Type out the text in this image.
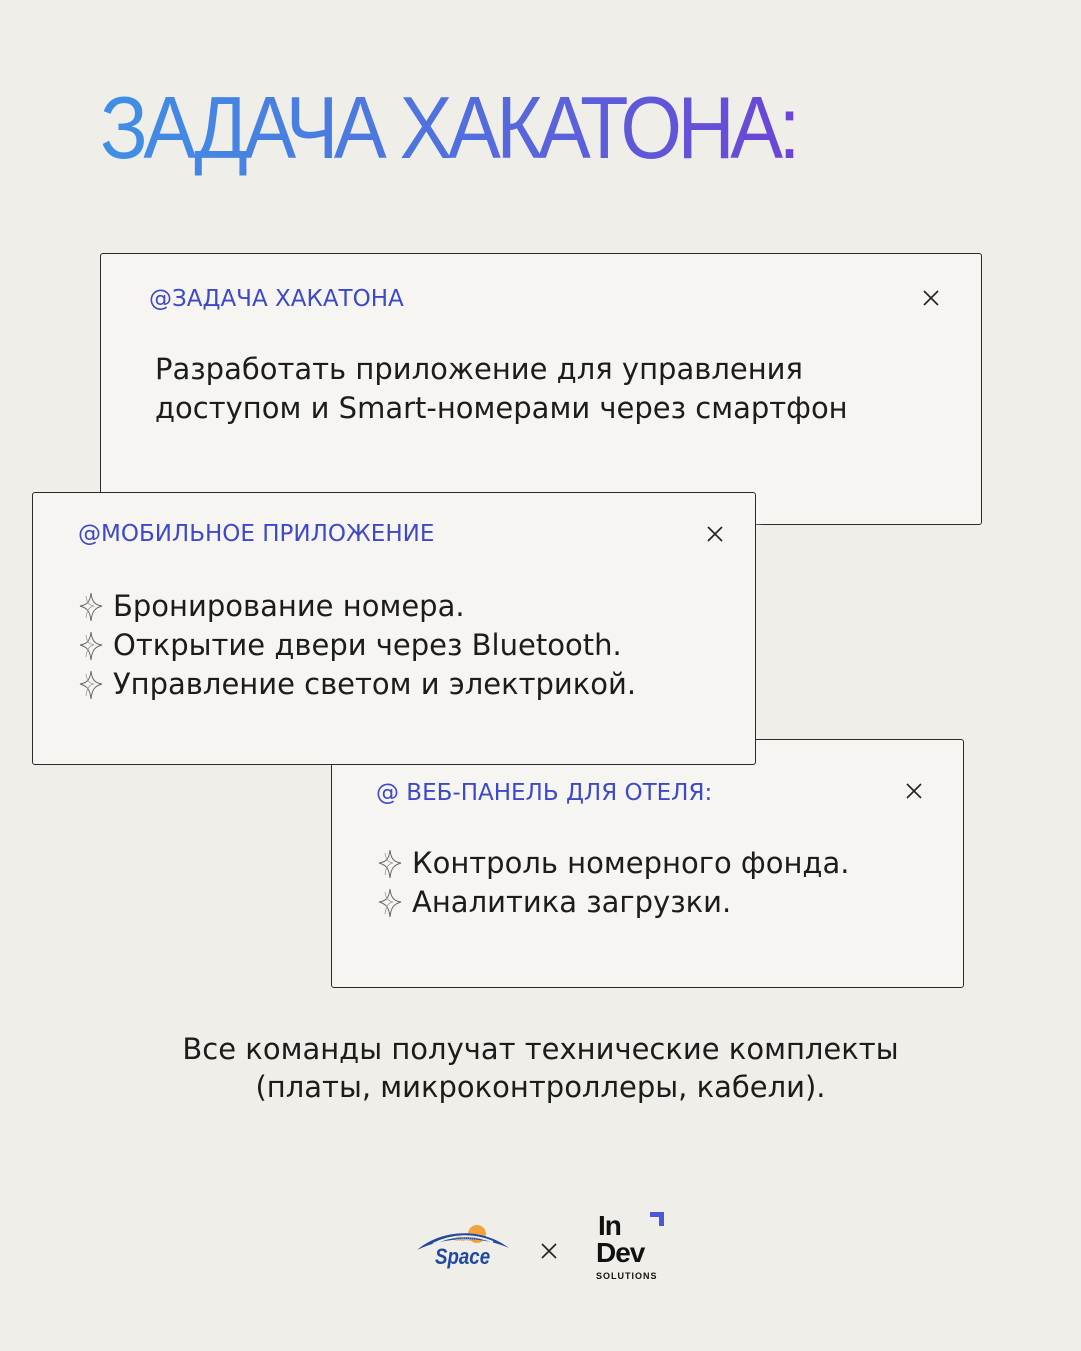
ЗАДАЧА ХАКАТОНА:
@ЗАДАЧА ХАКАТОНА
Разработать приложение для управления
доступом и Smart-номерами через смартфон
@МОБИЛЬНОЕ ПРИЛОЖЕНИЕ
Бронирование номера.
Открытие двери через Bluetooth.
Управление светом и электрикой.
@ ВЕБ-ПАНЕЛЬ ДЛЯ ОТЕЛЯ:
Контроль номерного фонда.
Аналитика загрузки.
Все команды получат технические комплекты
(платы, микроконтроллеры, кабели).
startup
Space
In
Dev
SOLUTIONS
